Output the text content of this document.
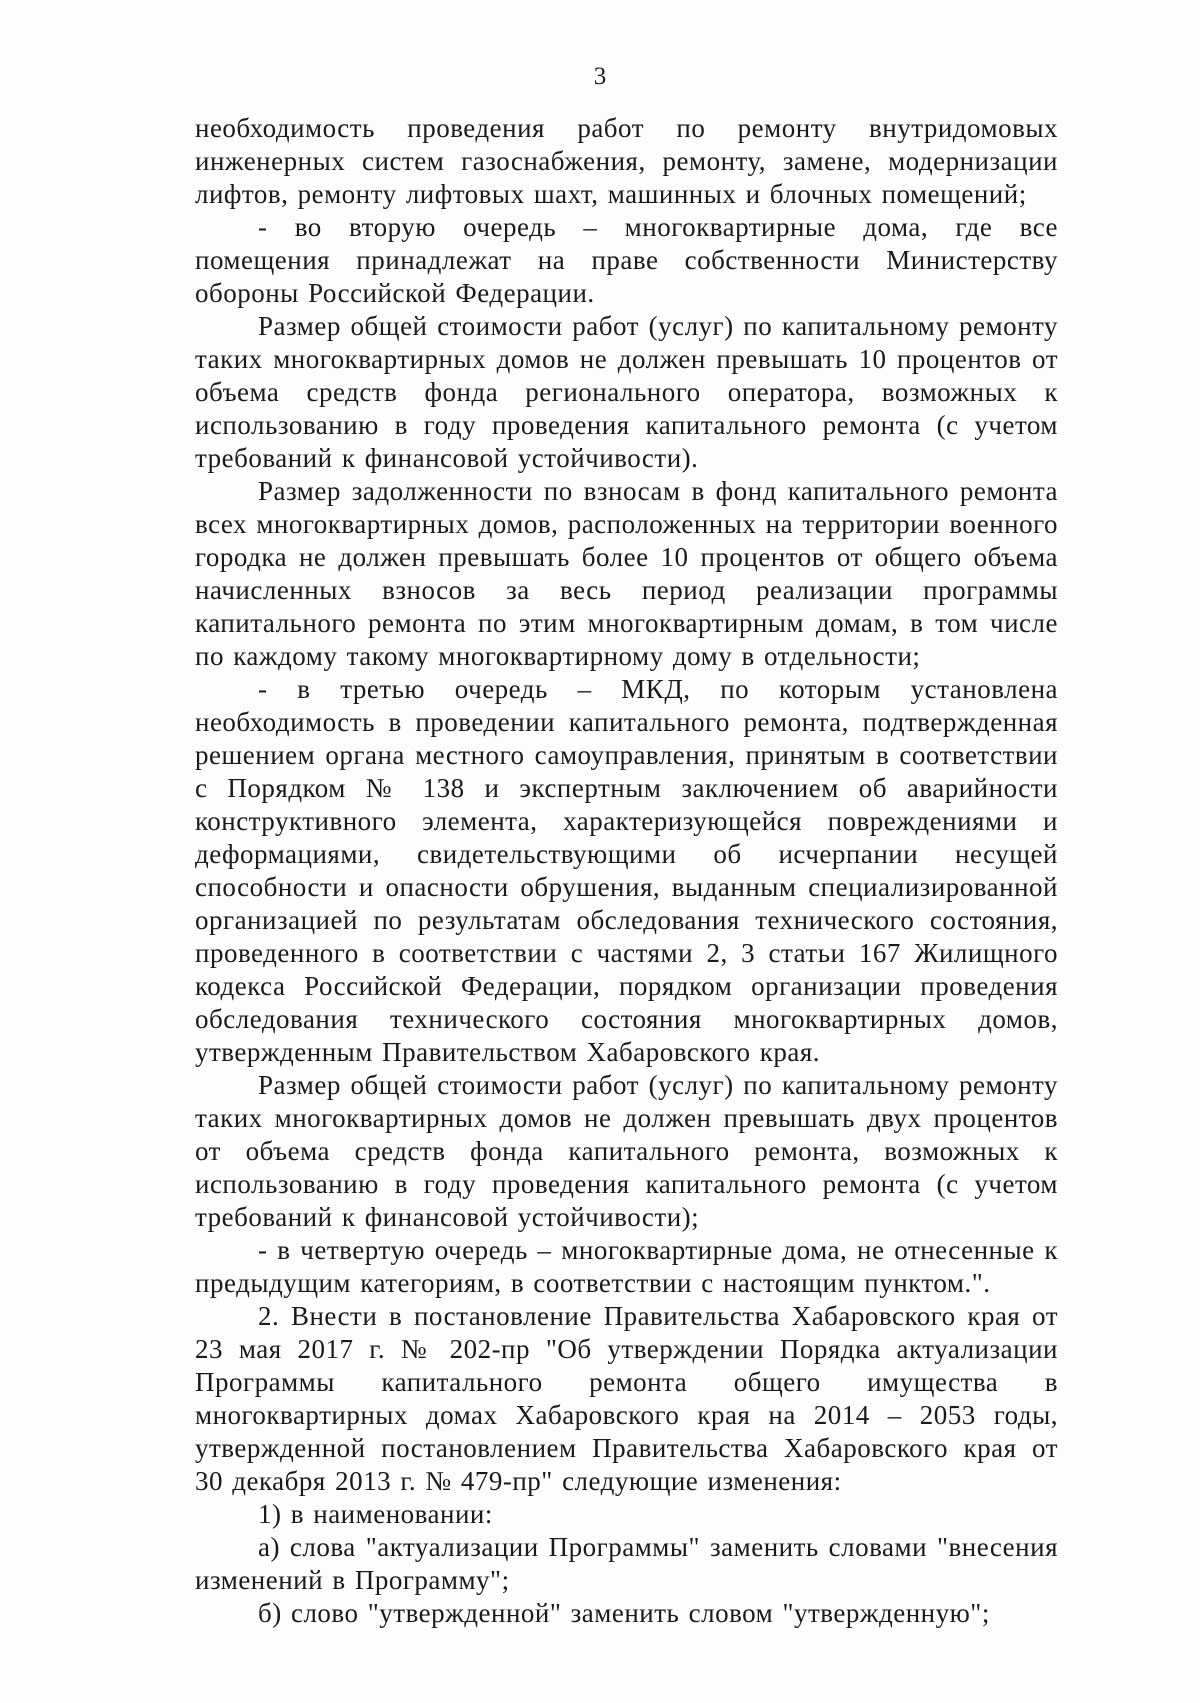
3

необходимость проведения работ по ремонту внутридомовых инженерных систем газоснабжения, ремонту, замене, модернизации лифтов, ремонту лифтовых шахт, машинных и блочных помещений;

- во вторую очередь – многоквартирные дома, где все помещения принадлежат на праве собственности Министерству обороны Российской Федерации.

Размер общей стоимости работ (услуг) по капитальному ремонту таких многоквартирных домов не должен превышать 10 процентов от объема средств фонда регионального оператора, возможных к использованию в году проведения капитального ремонта (с учетом требований к финансовой устойчивости).

Размер задолженности по взносам в фонд капитального ремонта всех многоквартирных домов, расположенных на территории военного городка не должен превышать более 10 процентов от общего объема начисленных взносов за весь период реализации программы капитального ремонта по этим многоквартирным домам, в том числе по каждому такому многоквартирному дому в отдельности;

- в третью очередь – МКД, по которым установлена необходимость в проведении капитального ремонта, подтвержденная решением органа местного самоуправления, принятым в соответствии с Порядком № 138 и экспертным заключением об аварийности конструктивного элемента, характеризующейся повреждениями и деформациями, свидетельствующими об исчерпании несущей способности и опасности обрушения, выданным специализированной организацией по результатам обследования технического состояния, проведенного в соответствии с частями 2, 3 статьи 167 Жилищного кодекса Российской Федерации, порядком организации проведения обследования технического состояния многоквартирных домов, утвержденным Правительством Хабаровского края.

Размер общей стоимости работ (услуг) по капитальному ремонту таких многоквартирных домов не должен превышать двух процентов от объема средств фонда капитального ремонта, возможных к использованию в году проведения капитального ремонта (с учетом требований к финансовой устойчивости);

- в четвертую очередь – многоквартирные дома, не отнесенные к предыдущим категориям, в соответствии с настоящим пунктом.".

2. Внести в постановление Правительства Хабаровского края от 23 мая 2017 г. № 202-пр "Об утверждении Порядка актуализации Программы капитального ремонта общего имущества в многоквартирных домах Хабаровского края на 2014 – 2053 годы, утвержденной постановлением Правительства Хабаровского края от 30 декабря 2013 г. № 479-пр" следующие изменения:

1) в наименовании:

а) слова "актуализации Программы" заменить словами "внесения изменений в Программу";

б) слово "утвержденной" заменить словом "утвержденную";
